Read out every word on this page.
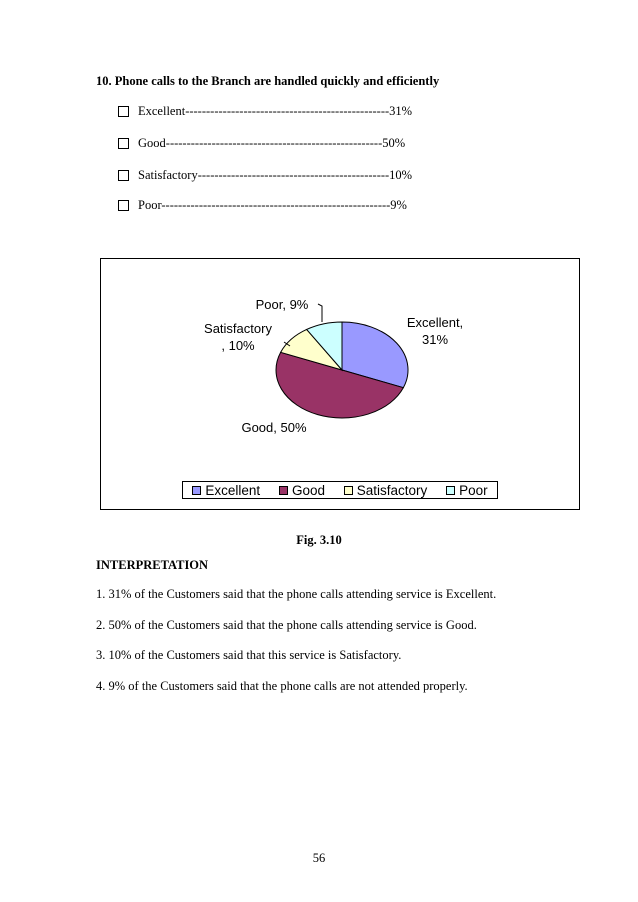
10. Phone calls to the Branch are handled quickly and efficiently
Excellent-------------------------------------------------31%
Good----------------------------------------------------50%
Satisfactory----------------------------------------------10%
Poor-------------------------------------------------------9%
Excellent, 31%
Good, 50%
Satisfactory , 10%
Poor, 9%
Excellent Good Satisfactory Poor
Fig. 3.10
INTERPRETATION
1. 31% of the Customers said that the phone calls attending service is Excellent.
2. 50% of the Customers said that the phone calls attending service is Good.
3. 10% of the Customers said that this service is Satisfactory.
4. 9% of the Customers said that the phone calls are not attended properly.
56
